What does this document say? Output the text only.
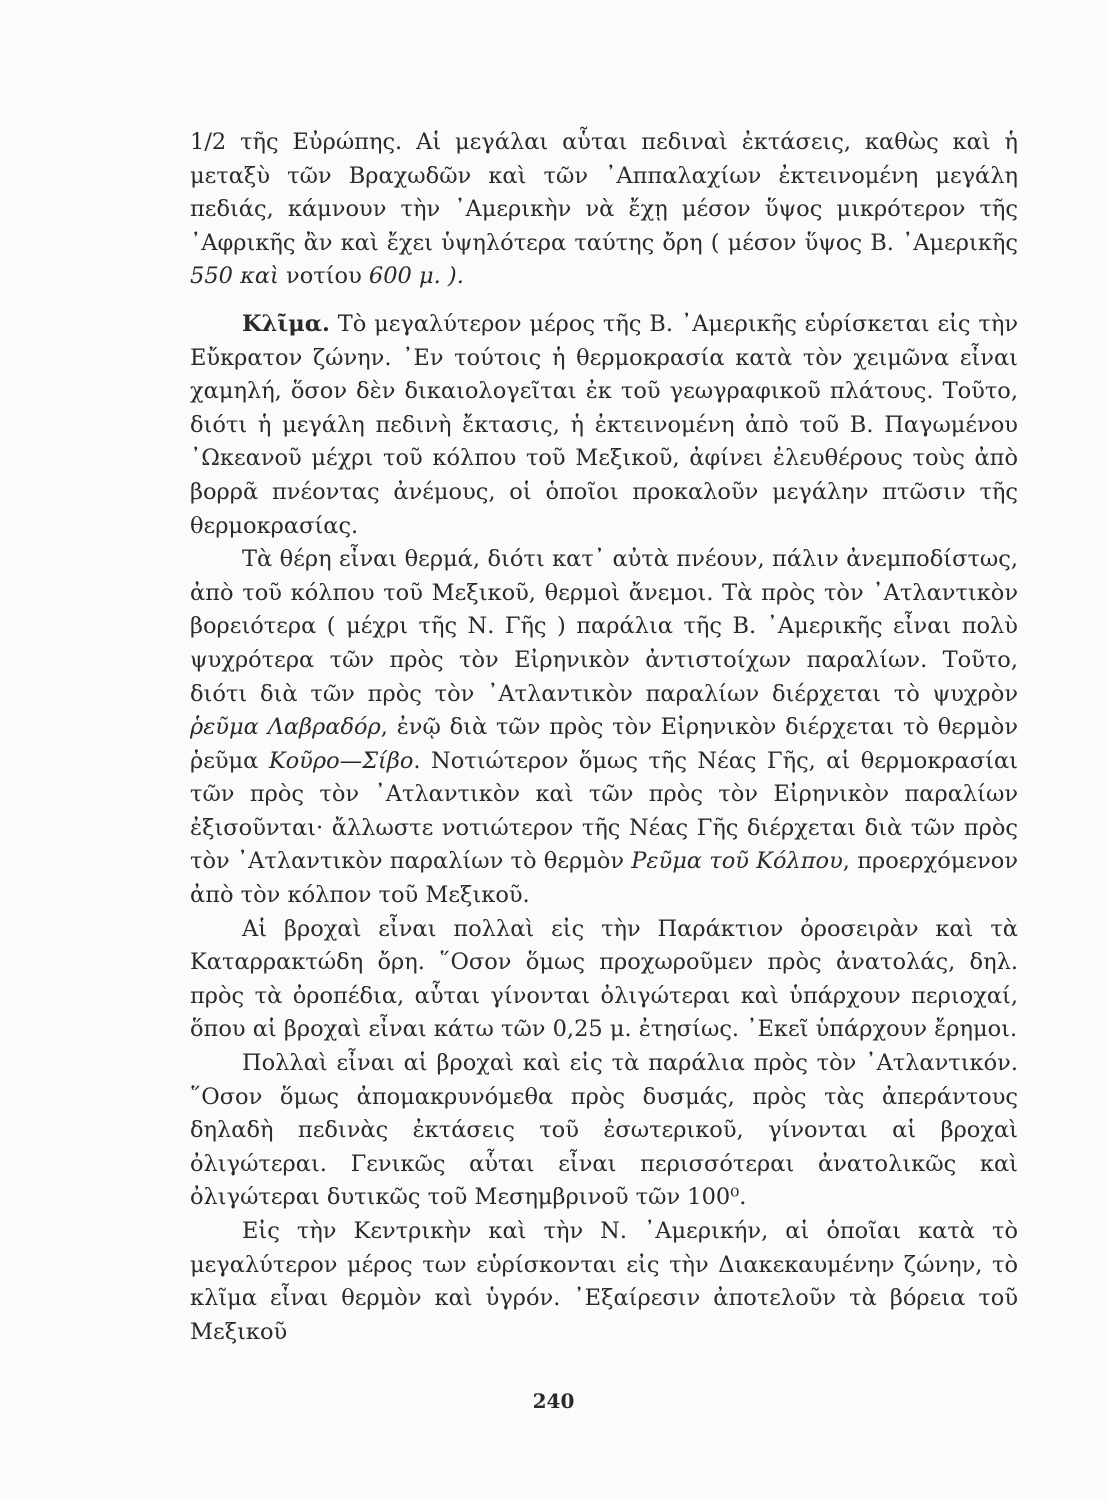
1/2 τῆς Εὐρώπης. Αἱ μεγάλαι αὗται πεδιναὶ ἐκτάσεις, καθὼς καὶ ἡ μεταξὺ τῶν Βραχωδῶν καὶ τῶν ᾿Αππαλαχίων ἐκτεινομένη μεγάλη πεδιάς, κάμνουν τὴν ᾿Αμερικὴν νὰ ἔχῃ μέσον ὕψος μικρότερον τῆς ᾿Αφρικῆς ἂν καὶ ἔχει ὑψηλότερα ταύτης ὄρη ( μέσον ὕψος Β. ᾿Αμερικῆς 550 καὶ νοτίου 600 μ. ).

Κλῖμα. Τὸ μεγαλύτερον μέρος τῆς Β. ᾿Αμερικῆς εὑρίσκεται εἰς τὴν Εὔκρατον ζώνην. ᾿Εν τούτοις ἡ θερμοκρασία κατὰ τὸν χειμῶνα εἶναι χαμηλή, ὅσον δὲν δικαιολογεῖται ἐκ τοῦ γεωγραφικοῦ πλάτους. Τοῦτο, διότι ἡ μεγάλη πεδινὴ ἔκτασις, ἡ ἐκτεινομένη ἀπὸ τοῦ Β. Παγωμένου ᾿Ωκεανοῦ μέχρι τοῦ κόλπου τοῦ Μεξικοῦ, ἀφίνει ἐλευθέρους τοὺς ἀπὸ βορρᾶ πνέοντας ἀνέμους, οἱ ὁποῖοι προκαλοῦν μεγάλην πτῶσιν τῆς θερμοκρασίας.

Τὰ θέρη εἶναι θερμά, διότι κατ᾽ αὐτὰ πνέουν, πάλιν ἀνεμποδίστως, ἀπὸ τοῦ κόλπου τοῦ Μεξικοῦ, θερμοὶ ἄνεμοι. Τὰ πρὸς τὸν ᾿Ατλαντικὸν βορειότερα ( μέχρι τῆς Ν. Γῆς ) παράλια τῆς Β. ᾿Αμερικῆς εἶναι πολὺ ψυχρότερα τῶν πρὸς τὸν Εἰρηνικὸν ἀντιστοίχων παραλίων. Τοῦτο, διότι διὰ τῶν πρὸς τὸν ᾿Ατλαντικὸν παραλίων διέρχεται τὸ ψυχρὸν ῥεῦμα Λαβραδόρ, ἐνῷ διὰ τῶν πρὸς τὸν Εἰρηνικὸν διέρχεται τὸ θερμὸν ῥεῦμα Κοῦρο—Σίβο. Νοτιώτερον ὅμως τῆς Νέας Γῆς, αἱ θερμοκρασίαι τῶν πρὸς τὸν ᾿Ατλαντικὸν καὶ τῶν πρὸς τὸν Εἰρηνικὸν παραλίων ἐξισοῦνται· ἄλλωστε νοτιώτερον τῆς Νέας Γῆς διέρχεται διὰ τῶν πρὸς τὸν ᾿Ατλαντικὸν παραλίων τὸ θερμὸν Ρεῦμα τοῦ Κόλπου, προερχόμενον ἀπὸ τὸν κόλπον τοῦ Μεξικοῦ.

Αἱ βροχαὶ εἶναι πολλαὶ εἰς τὴν Παράκτιον ὀροσειρὰν καὶ τὰ Καταρρακτώδη ὄρη. ῞Οσον ὅμως προχωροῦμεν πρὸς ἀνατολάς, δηλ. πρὸς τὰ ὀροπέδια, αὗται γίνονται ὀλιγώτεραι καὶ ὑπάρχουν περιοχαί, ὅπου αἱ βροχαὶ εἶναι κάτω τῶν 0,25 μ. ἐτησίως. ᾿Εκεῖ ὑπάρχουν ἔρημοι.

Πολλαὶ εἶναι αἱ βροχαὶ καὶ εἰς τὰ παράλια πρὸς τὸν ᾿Ατλαντικόν. ῞Οσον ὅμως ἀπομακρυνόμεθα πρὸς δυσμάς, πρὸς τὰς ἀπεράντους δηλαδὴ πεδινὰς ἐκτάσεις τοῦ ἐσωτερικοῦ, γίνονται αἱ βροχαὶ ὀλιγώτεραι. Γενικῶς αὗται εἶναι περισσότεραι ἀνατολικῶς καὶ ὀλιγώτεραι δυτικῶς τοῦ Μεσημβρινοῦ τῶν 100⁰.

Εἰς τὴν Κεντρικὴν καὶ τὴν Ν. ᾿Αμερικήν, αἱ ὁποῖαι κατὰ τὸ μεγαλύτερον μέρος των εὑρίσκονται εἰς τὴν Διακεκαυμένην ζώνην, τὸ κλῖμα εἶναι θερμὸν καὶ ὑγρόν. ᾿Εξαίρεσιν ἀποτελοῦν τὰ βόρεια τοῦ Μεξικοῦ

240
